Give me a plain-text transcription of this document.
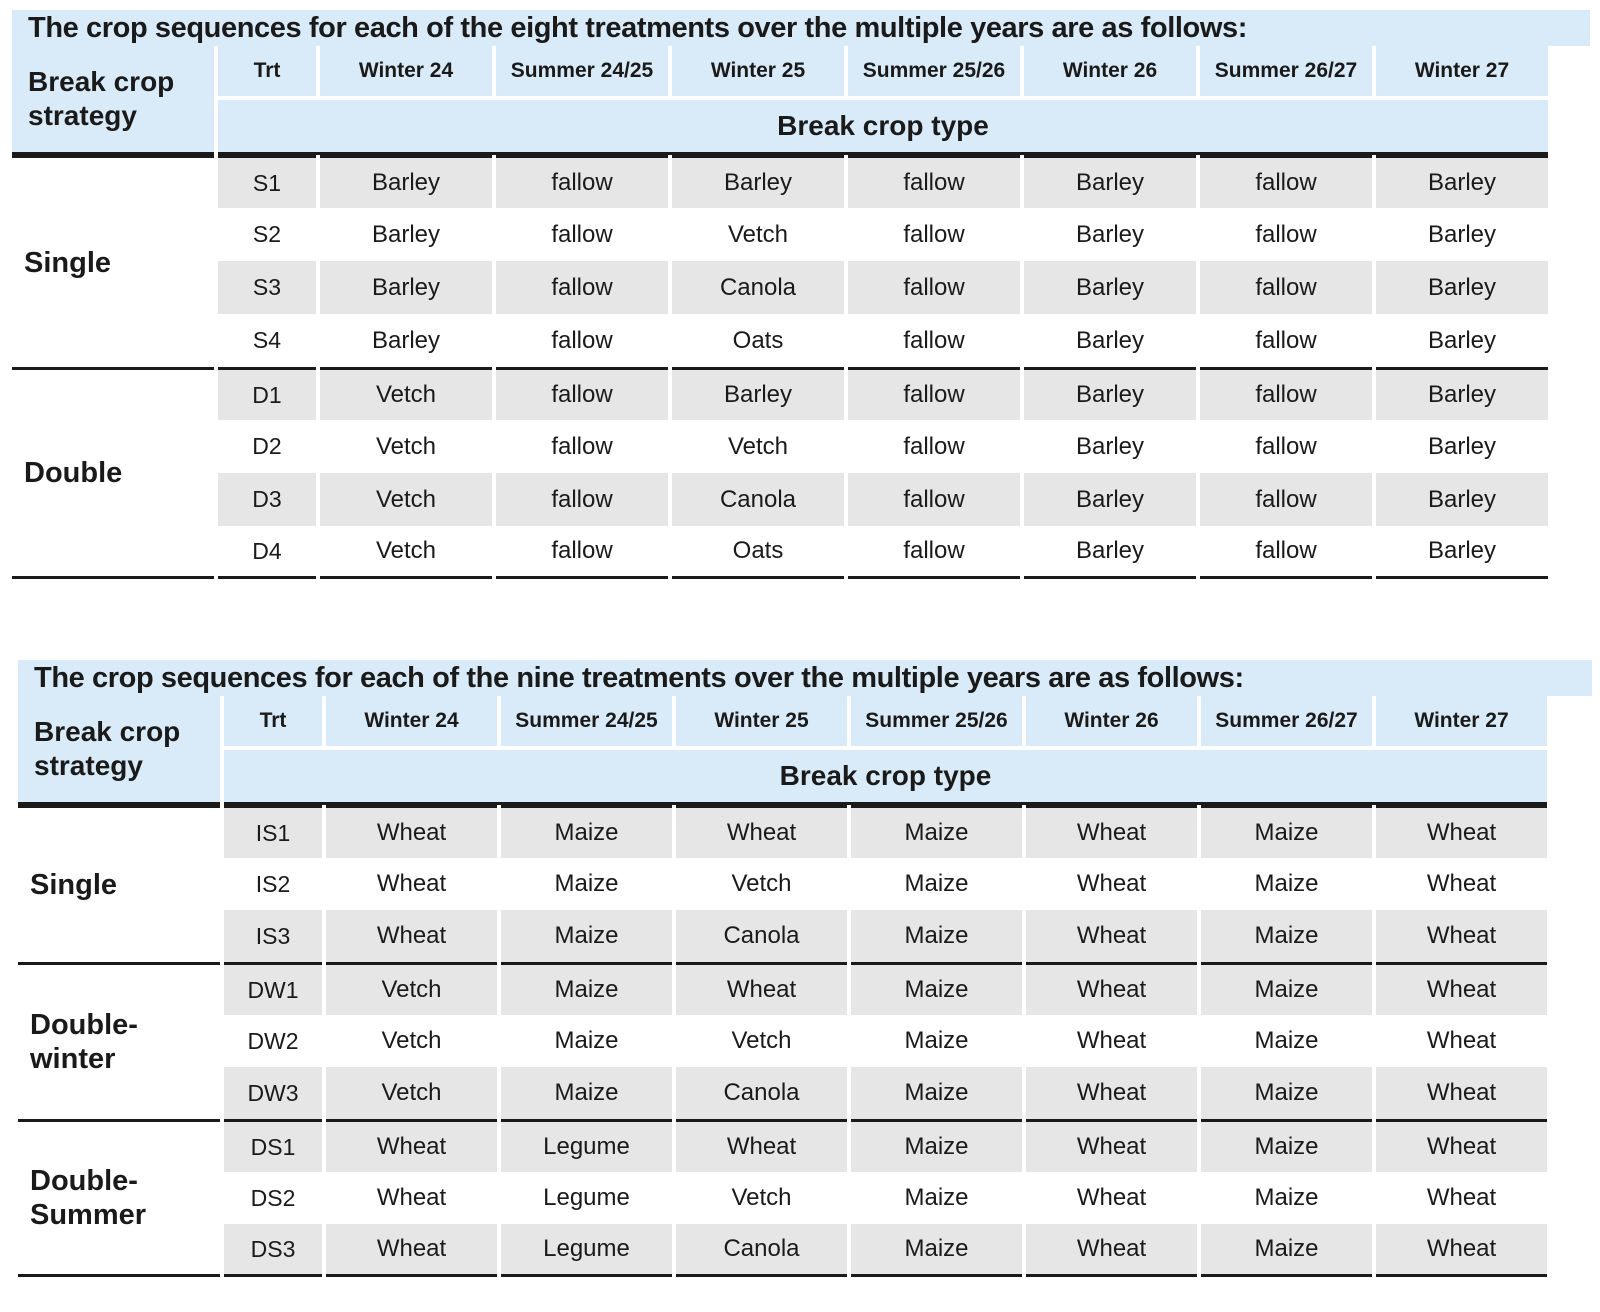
The crop sequences for each of the eight treatments over the multiple years are as follows:
Break crop strategy	Trt	Winter 24	Summer 24/25	Winter 25	Summer 25/26	Winter 26	Summer 26/27	Winter 27
	Break crop type							
Single	S1	Barley	fallow	Barley	fallow	Barley	fallow	Barley
	S2	Barley	fallow	Vetch	fallow	Barley	fallow	Barley
	S3	Barley	fallow	Canola	fallow	Barley	fallow	Barley
	S4	Barley	fallow	Oats	fallow	Barley	fallow	Barley
Double	D1	Vetch	fallow	Barley	fallow	Barley	fallow	Barley
	D2	Vetch	fallow	Vetch	fallow	Barley	fallow	Barley
	D3	Vetch	fallow	Canola	fallow	Barley	fallow	Barley
	D4	Vetch	fallow	Oats	fallow	Barley	fallow	Barley
The crop sequences for each of the nine treatments over the multiple years are as follows:
Break crop strategy	Trt	Winter 24	Summer 24/25	Winter 25	Summer 25/26	Winter 26	Summer 26/27	Winter 27
	Break crop type							
Single	IS1	Wheat	Maize	Wheat	Maize	Wheat	Maize	Wheat
	IS2	Wheat	Maize	Vetch	Maize	Wheat	Maize	Wheat
	IS3	Wheat	Maize	Canola	Maize	Wheat	Maize	Wheat
Double-winter	DW1	Vetch	Maize	Wheat	Maize	Wheat	Maize	Wheat
	DW2	Vetch	Maize	Vetch	Maize	Wheat	Maize	Wheat
	DW3	Vetch	Maize	Canola	Maize	Wheat	Maize	Wheat
Double-Summer	DS1	Wheat	Legume	Wheat	Maize	Wheat	Maize	Wheat
	DS2	Wheat	Legume	Vetch	Maize	Wheat	Maize	Wheat
	DS3	Wheat	Legume	Canola	Maize	Wheat	Maize	Wheat
